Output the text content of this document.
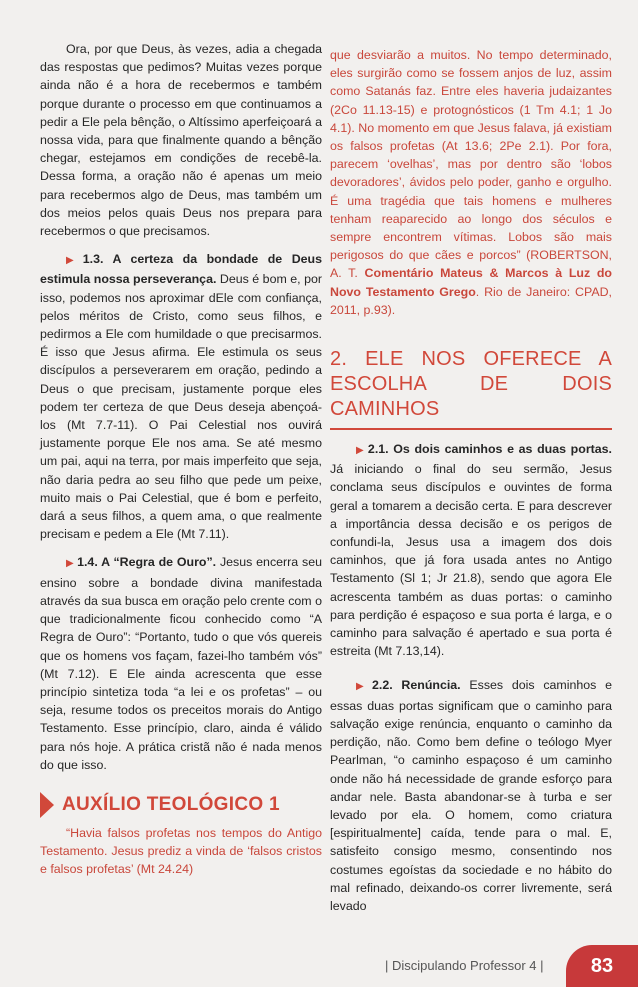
Ora, por que Deus, às vezes, adia a chegada das respostas que pedimos? Muitas vezes porque ainda não é a hora de recebermos e também porque durante o processo em que continuamos a pedir a Ele pela bênção, o Altíssimo aperfeiçoará a nossa vida, para que finalmente quando a bênção chegar, estejamos em condições de recebê-la. Dessa forma, a oração não é apenas um meio para recebermos algo de Deus, mas também um dos meios pelos quais Deus nos prepara para recebermos o que precisamos.

▶ 1.3. A certeza da bondade de Deus estimula nossa perseverança. Deus é bom e, por isso, podemos nos aproximar dEle com confiança, pelos méritos de Cristo, como seus filhos, e pedirmos a Ele com humildade o que precisarmos. É isso que Jesus afirma. Ele estimula os seus discípulos a perseverarem em oração, pedindo a Deus o que precisam, justamente porque eles podem ter certeza de que Deus deseja abençoá-los (Mt 7.7-11). O Pai Celestial nos ouvirá justamente porque Ele nos ama. Se até mesmo um pai, aqui na terra, por mais imperfeito que seja, não daria pedra ao seu filho que pede um peixe, muito mais o Pai Celestial, que é bom e perfeito, dará a seus filhos, a quem ama, o que realmente precisam e pedem a Ele (Mt 7.11).

▶ 1.4. A “Regra de Ouro”. Jesus encerra seu ensino sobre a bondade divina manifestada através da sua busca em oração pelo crente com o que tradicionalmente ficou conhecido como “A Regra de Ouro”: “Portanto, tudo o que vós quereis que os homens vos façam, fazei-lho também vós” (Mt 7.12). E Ele ainda acrescenta que esse princípio sintetiza toda “a lei e os profetas” – ou seja, resume todos os preceitos morais do Antigo Testamento. Esse princípio, claro, ainda é válido para nós hoje. A prática cristã não é nada menos do que isso.

AUXÍLIO TEOLÓGICO 1

“Havia falsos profetas nos tempos do Antigo Testamento. Jesus prediz a vinda de ‘falsos cristos e falsos profetas’ (Mt 24.24)

que desviarão a muitos. No tempo determinado, eles surgirão como se fossem anjos de luz, assim como Satanás faz. Entre eles haveria judaizantes (2Co 11.13-15) e protognósticos (1 Tm 4.1; 1 Jo 4.1). No momento em que Jesus falava, já existiam os falsos profetas (At 13.6; 2Pe 2.1). Por fora, parecem ‘ovelhas’, mas por dentro são ‘lobos devoradores’, ávidos pelo poder, ganho e orgulho. É uma tragédia que tais homens e mulheres tenham reaparecido ao longo dos séculos e sempre encontrem vítimas. Lobos são mais perigosos do que cães e porcos” (ROBERTSON, A. T. Comentário Mateus & Marcos à Luz do Novo Testamento Grego. Rio de Janeiro: CPAD, 2011, p.93).

2. ELE NOS OFERECE A ESCOLHA DE DOIS CAMINHOS

▶ 2.1. Os dois caminhos e as duas portas. Já iniciando o final do seu sermão, Jesus conclama seus discípulos e ouvintes de forma geral a tomarem a decisão certa. E para descrever a importância dessa decisão e os perigos de confundi-la, Jesus usa a imagem dos dois caminhos, que já fora usada antes no Antigo Testamento (Sl 1; Jr 21.8), sendo que agora Ele acrescenta também as duas portas: o caminho para perdição é espaçoso e sua porta é larga, e o caminho para salvação é apertado e sua porta é estreita (Mt 7.13,14).

▶ 2.2. Renúncia. Esses dois caminhos e essas duas portas significam que o caminho para salvação exige renúncia, enquanto o caminho da perdição, não. Como bem define o teólogo Myer Pearlman, “o caminho espaçoso é um caminho onde não há necessidade de grande esforço para andar nele. Basta abandonar-se à turba e ser levado por ela. O homem, como criatura [espiritualmente] caída, tende para o mal. E, satisfeito consigo mesmo, consentindo nos costumes egoístas da sociedade e no hábito do mal refinado, deixando-os correr livremente, será levado

| Discipulando Professor 4 | 83
